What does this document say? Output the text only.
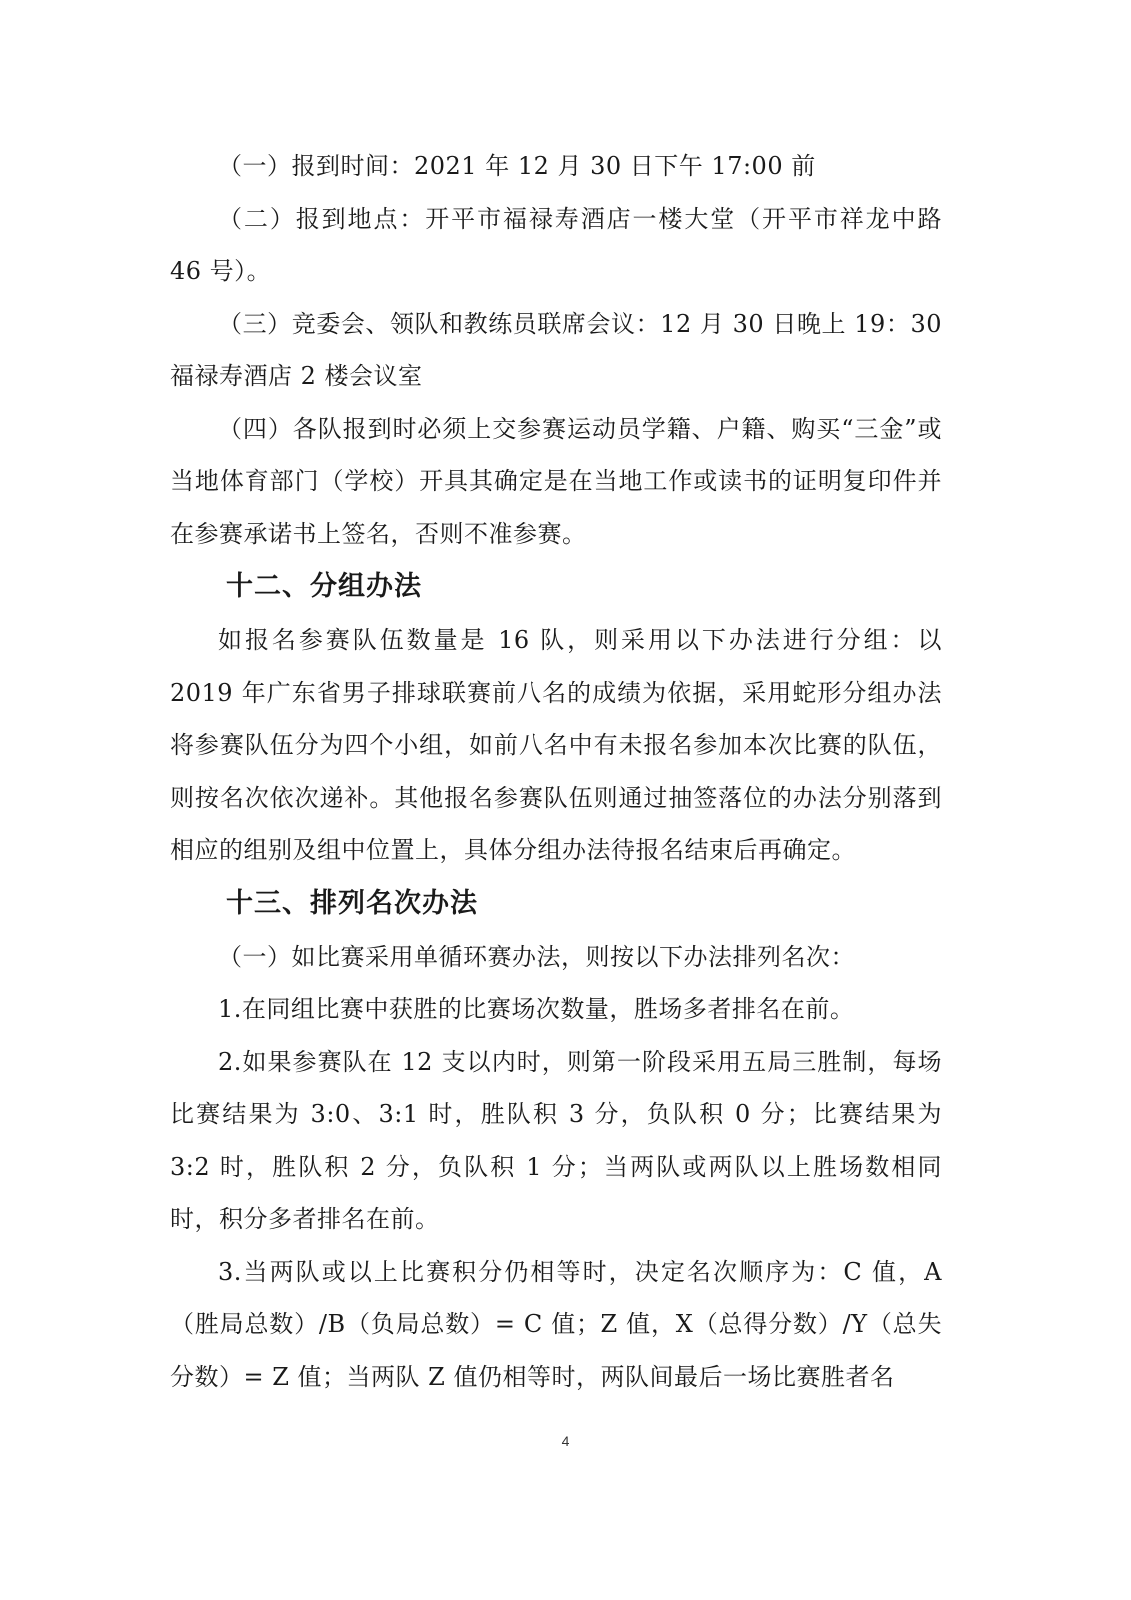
（一）报到时间：2021 年 12 月 30 日下午 17:00 前

（二）报到地点：开平市福禄寿酒店一楼大堂（开平市祥龙中路 46 号）。

（三）竞委会、领队和教练员联席会议：12 月 30 日晚上 19：30 福禄寿酒店 2 楼会议室

（四）各队报到时必须上交参赛运动员学籍、户籍、购买“三金”或当地体育部门（学校）开具其确定是在当地工作或读书的证明复印件并在参赛承诺书上签名，否则不准参赛。

十二、分组办法

如报名参赛队伍数量是 16 队，则采用以下办法进行分组：以 2019 年广东省男子排球联赛前八名的成绩为依据，采用蛇形分组办法将参赛队伍分为四个小组，如前八名中有未报名参加本次比赛的队伍，则按名次依次递补。其他报名参赛队伍则通过抽签落位的办法分别落到相应的组别及组中位置上，具体分组办法待报名结束后再确定。

十三、排列名次办法

（一）如比赛采用单循环赛办法，则按以下办法排列名次：

1.在同组比赛中获胜的比赛场次数量，胜场多者排名在前。

2.如果参赛队在 12 支以内时，则第一阶段采用五局三胜制，每场比赛结果为 3:0、3:1 时，胜队积 3 分，负队积 0 分；比赛结果为 3:2 时，胜队积 2 分，负队积 1 分；当两队或两队以上胜场数相同时，积分多者排名在前。

3.当两队或以上比赛积分仍相等时，决定名次顺序为：C 值，A（胜局总数）/B（负局总数）= C 值；Z 值，X（总得分数）/Y（总失分数）= Z 值；当两队 Z 值仍相等时，两队间最后一场比赛胜者名

4
